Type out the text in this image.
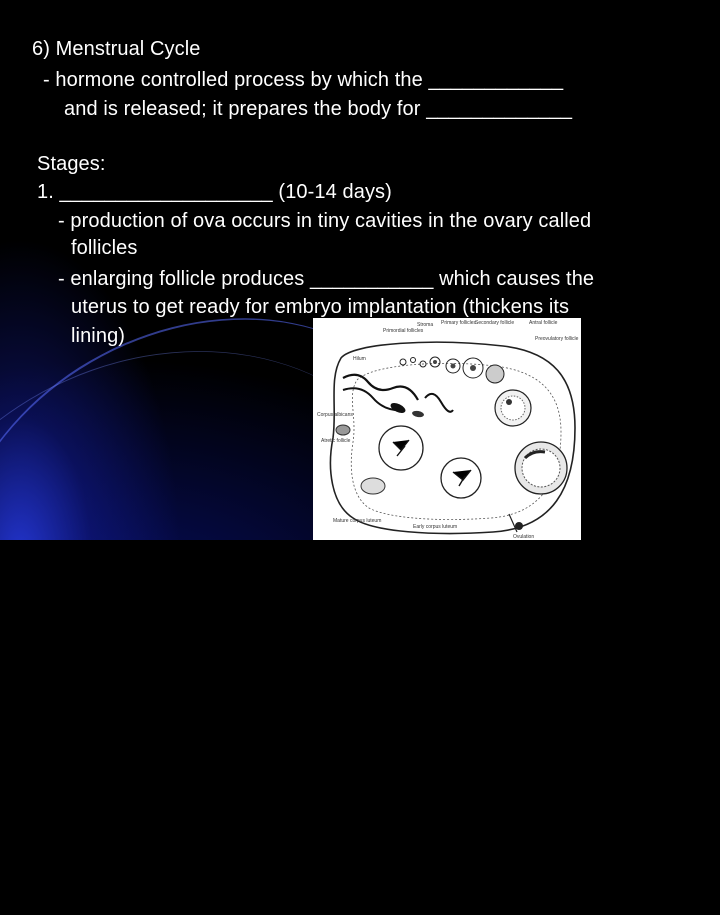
6) Menstrual Cycle
- hormone controlled process by which the ____________
and is released; it prepares the body for _____________
Stages:
1. ___________________ (10-14 days)
- production of ova occurs in tiny cavities in the ovary called
follicles
- enlarging follicle produces ___________ which causes the
uterus to get ready for embryo implantation (thickens its
lining)
Hilum
Primordial follicles
Stroma Primary follicles
Secondary follicle	Antral follicle
Preovulatory follicle
Corpus albicans
Atretic follicle
Mature corpus luteum
Early corpus luteum
Ovulation
